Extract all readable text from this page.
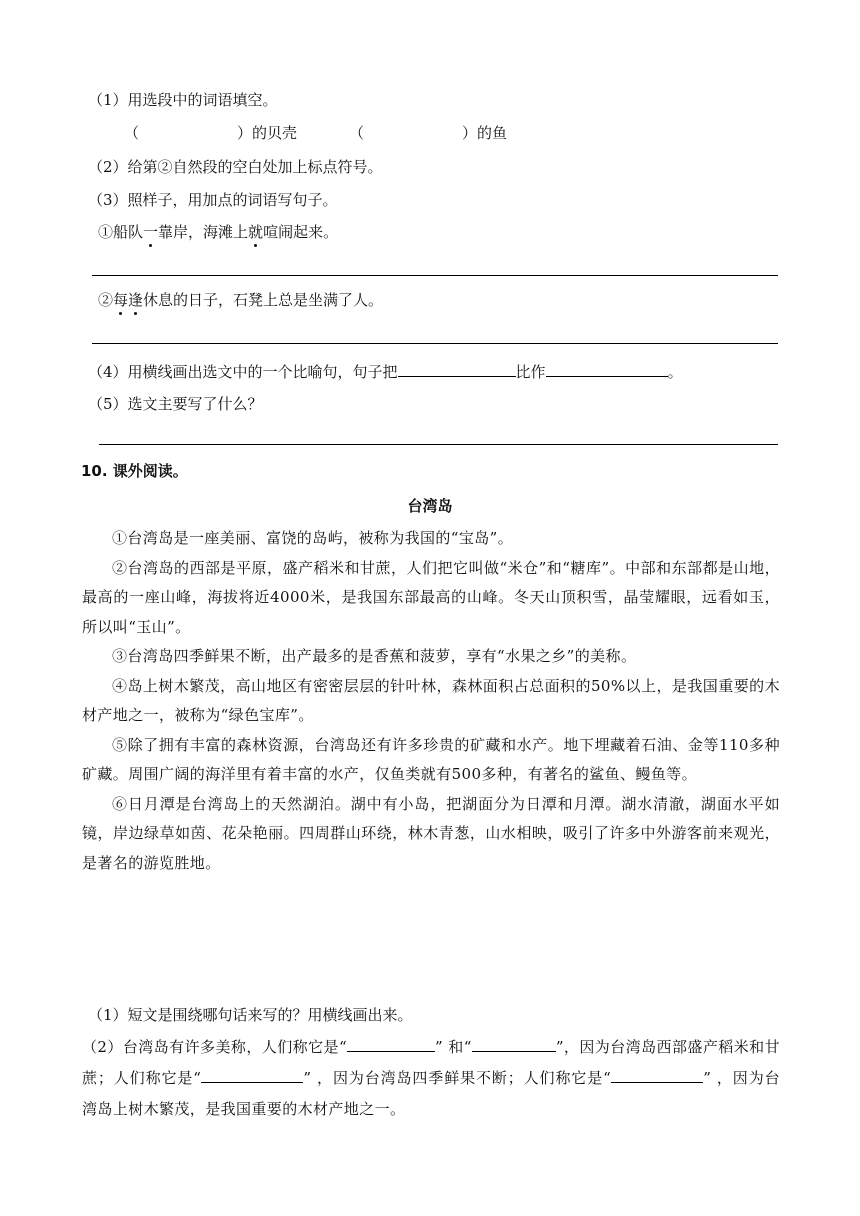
（1）用选段中的词语填空。
（	）的贝壳	（	）的鱼
（2）给第②自然段的空白处加上标点符号。
（3）照样子，用加点的词语写句子。
①船队一靠岸，海滩上就喧闹起来。
②每逢休息的日子，石凳上总是坐满了人。
（4）用横线画出选文中的一个比喻句，句子把	比作	。
（5）选文主要写了什么？
10. 课外阅读。
台湾岛

①台湾岛是一座美丽、富饶的岛屿，被称为我国的“宝岛”。

②台湾岛的西部是平原，盛产稻米和甘蔗，人们把它叫做“米仓”和“糖库”。中部和东部都是山地，最高的一座山峰，海拔将近4000米，是我国东部最高的山峰。冬天山顶积雪，晶莹耀眼，远看如玉，所以叫“玉山”。

③台湾岛四季鲜果不断，出产最多的是香蕉和菠萝，享有“水果之乡”的美称。

④岛上树木繁茂，高山地区有密密层层的针叶林，森林面积占总面积的50%以上，是我国重要的木材产地之一，被称为“绿色宝库”。

⑤除了拥有丰富的森林资源，台湾岛还有许多珍贵的矿藏和水产。地下埋藏着石油、金等110多种矿藏。周围广阔的海洋里有着丰富的水产，仅鱼类就有500多种，有著名的鲨鱼、鳗鱼等。

⑥日月潭是台湾岛上的天然湖泊。湖中有小岛，把湖面分为日潭和月潭。湖水清澈，湖面水平如镜，岸边绿草如茵、花朵艳丽。四周群山环绕，林木青葱，山水相映，吸引了许多中外游客前来观光，是著名的游览胜地。

（1）短文是围绕哪句话来写的？用横线画出来。
（2）台湾岛有许多美称，人们称它是“	” 和“	”，因为台湾岛西部盛产稻米和甘蔗；人们称它是“	” ，因为台湾岛四季鲜果不断；人们称它是“	” ，因为台湾岛上树木繁茂，是我国重要的木材产地之一。
